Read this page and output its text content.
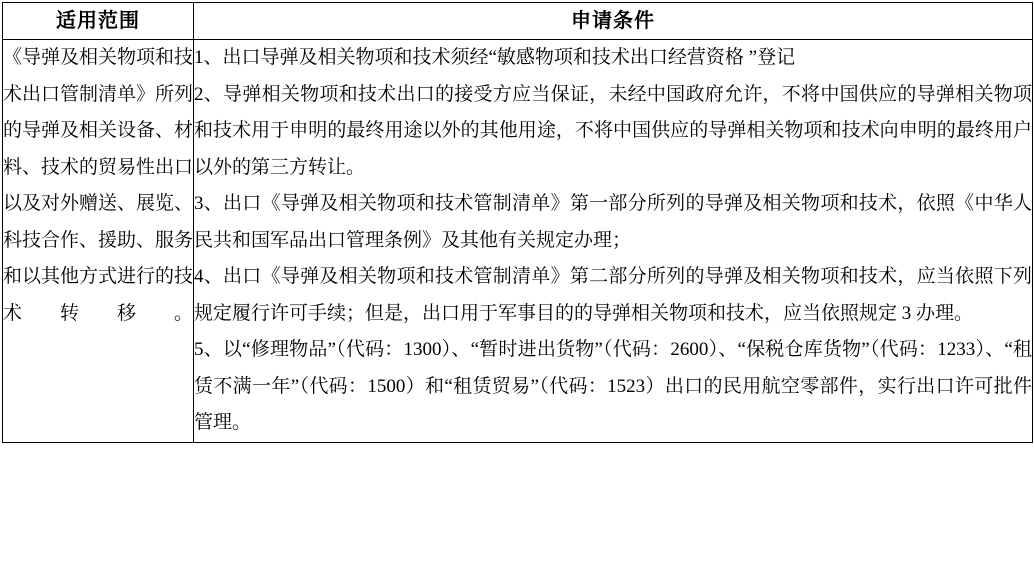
适用范围	申请条件

《导弹及相关物项和技术出口管制清单》所列的导弹及相关设备、材料、技术的贸易性出口以及对外赠送、展览、科技合作、援助、服务和以其他方式进行的技术转移。	1、出口导弹及相关物项和技术须经“敏感物项和技术出口经营资格 ”登记
2、导弹相关物项和技术出口的接受方应当保证，未经中国政府允许，不将中国供应的导弹相关物项和技术用于申明的最终用途以外的其他用途，不将中国供应的导弹相关物项和技术向申明的最终用户以外的第三方转让。
3、出口《导弹及相关物项和技术管制清单》第一部分所列的导弹及相关物项和技术，依照《中华人民共和国军品出口管理条例》及其他有关规定办理；
4、出口《导弹及相关物项和技术管制清单》第二部分所列的导弹及相关物项和技术，应当依照下列规定履行许可手续；但是，出口用于军事目的的导弹相关物项和技术，应当依照规定 3 办理。
5、以“修理物品”（代码：1300）、“暂时进出货物”（代码：2600）、“保税仓库货物”（代码：1233）、“租赁不满一年”（代码：1500）和“租赁贸易”（代码：1523）出口的民用航空零部件，实行出口许可批件管理。
